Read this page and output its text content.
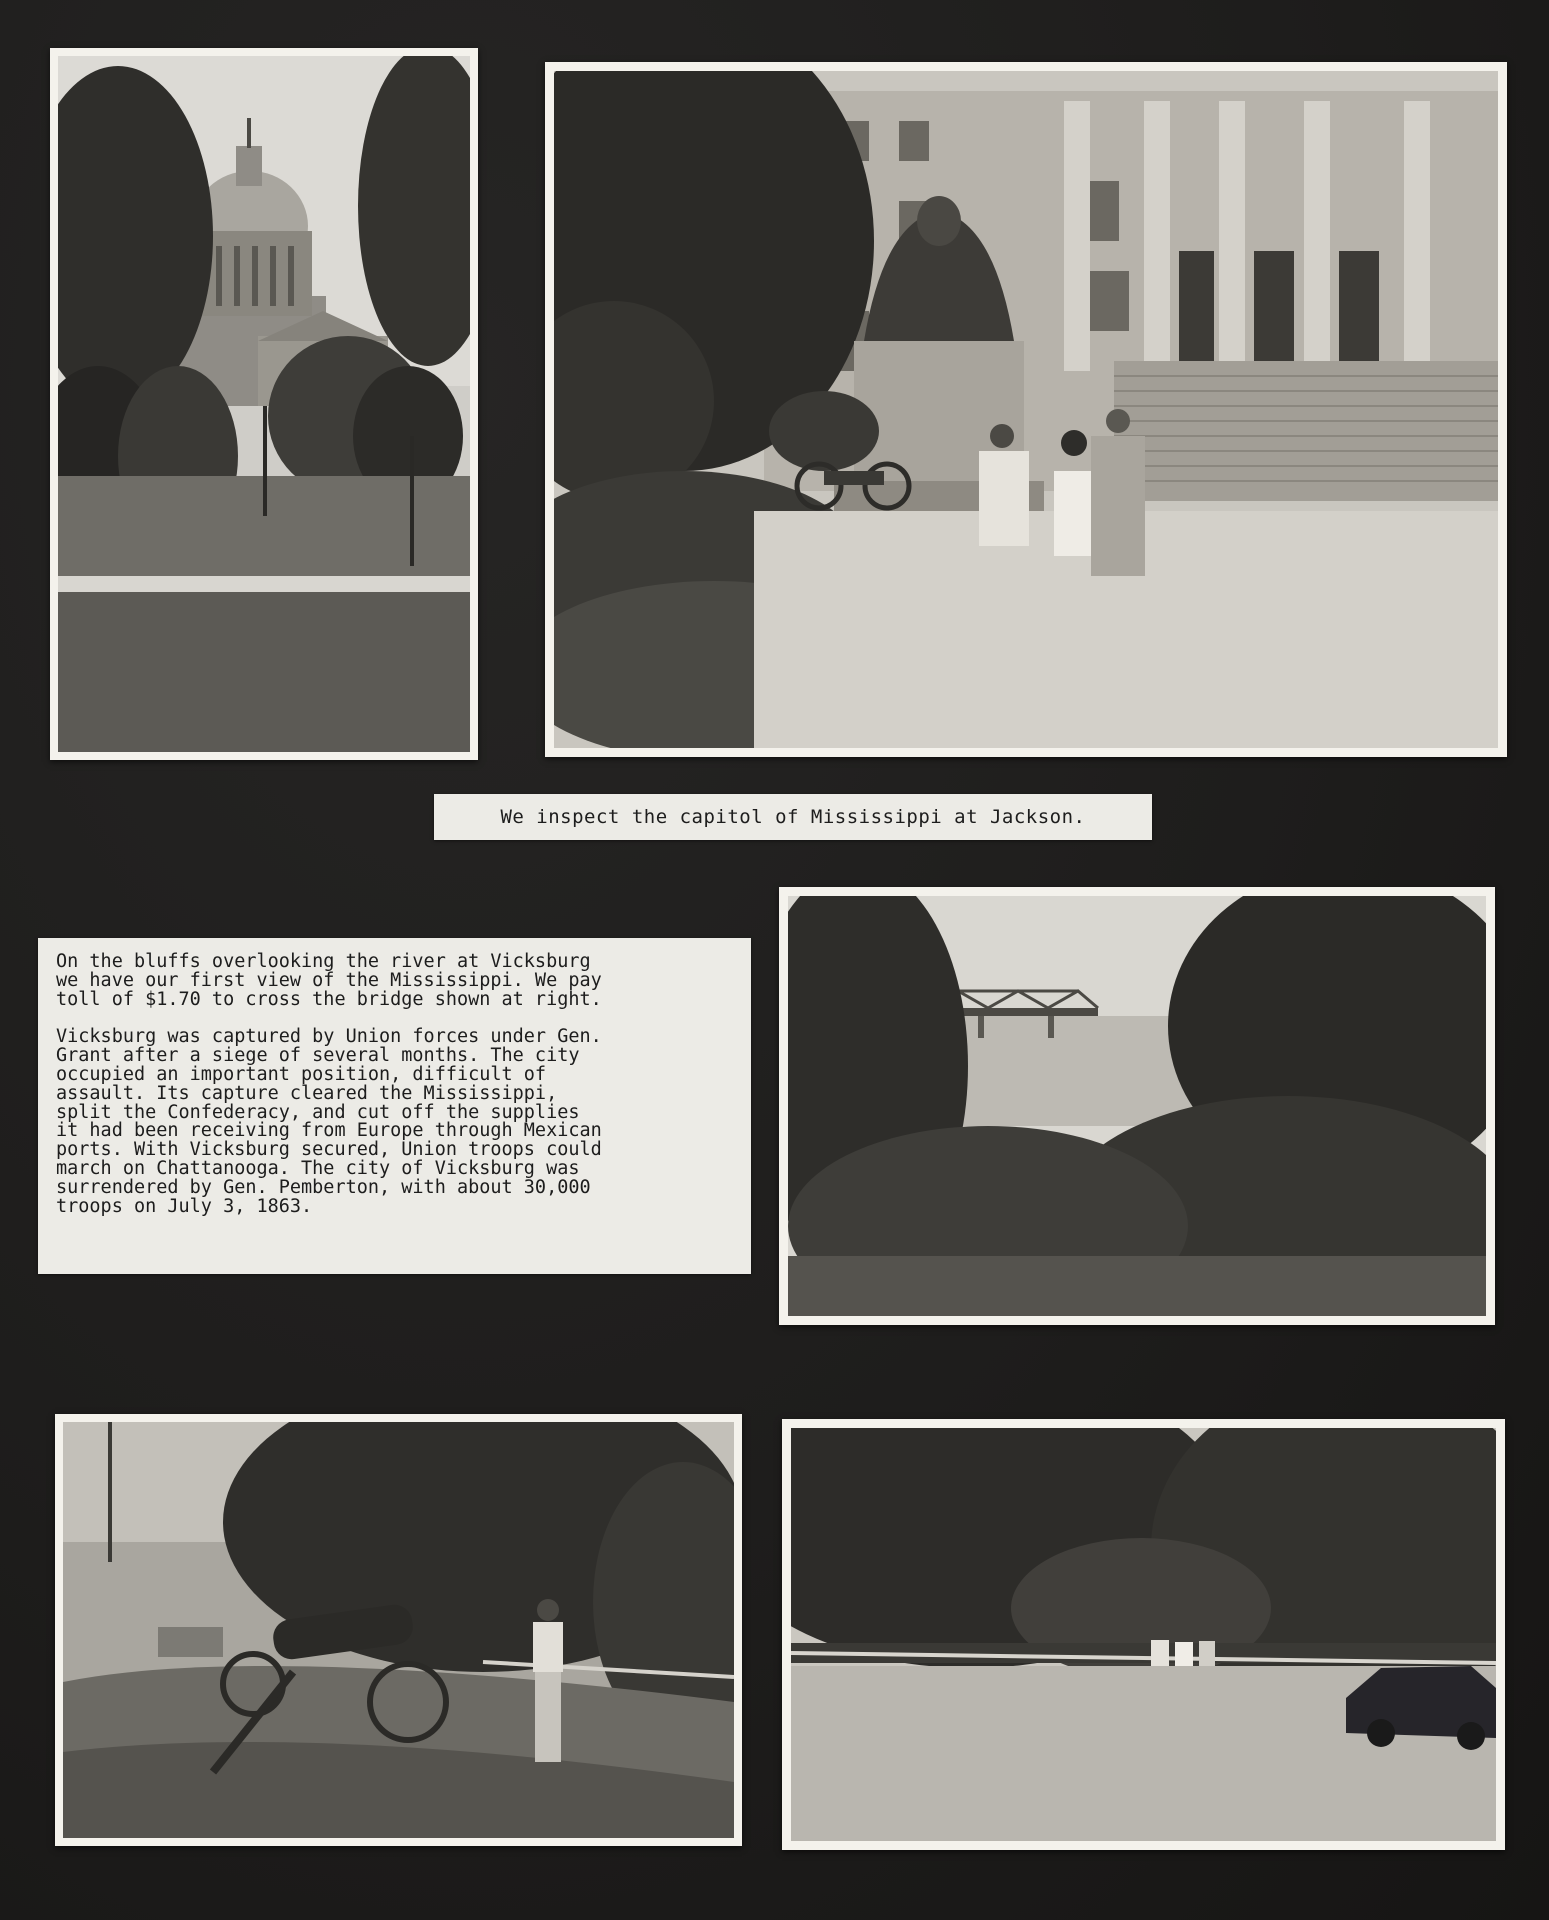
We inspect the capitol of Mississippi at Jackson.

On the bluffs overlooking the river at Vicksburg
we have our first view of the Mississippi. We pay
toll of $1.70 to cross the bridge shown at right.

Vicksburg was captured by Union forces under Gen.
Grant after a siege of several months. The city
occupied an important position, difficult of
assault. Its capture cleared the Mississippi,
split the Confederacy, and cut off the supplies
it had been receiving from Europe through Mexican
ports. With Vicksburg secured, Union troops could
march on Chattanooga. The city of Vicksburg was
surrendered by Gen. Pemberton, with about 30,000
troops on July 3, 1863.
